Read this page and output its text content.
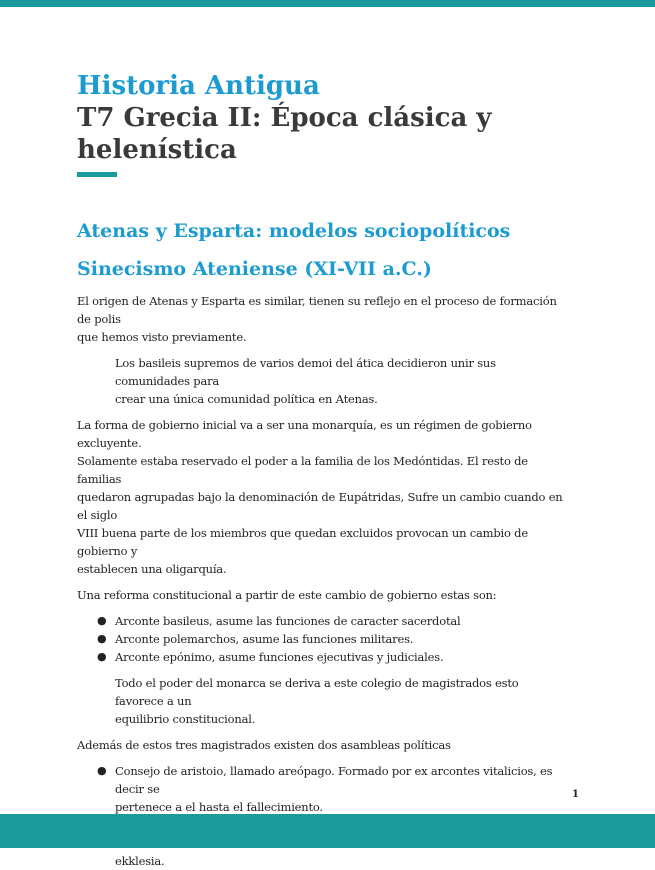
Historia Antigua

T7 Grecia II: Época clásica y

helenística

Atenas y Esparta: modelos sociopolíticos

Sinecismo Ateniense (XI-VII a.C.)

El origen de Atenas y Esparta es similar, tienen su reflejo en el proceso de formación de polis

que hemos visto previamente.

Los basileis supremos de varios demoi del ática decidieron unir sus comunidades para

crear una única comunidad política en Atenas.

La forma de gobierno inicial va a ser una monarquía, es un régimen de gobierno excluyente.

Solamente estaba reservado el poder a la familia de los Medóntidas. El resto de familias

quedaron agrupadas bajo la denominación de Eupátridas, Sufre un cambio cuando en el siglo

VIII buena parte de los miembros que quedan excluidos provocan un cambio de gobierno y

establecen una oligarquía.

Una reforma constitucional a partir de este cambio de gobierno estas son:

● Arconte basileus, asume las funciones de caracter sacerdotal
● Arconte polemarchos, asume las funciones militares.
● Arconte epónimo, asume funciones ejecutivas y judiciales.

Todo el poder del monarca se deriva a este colegio de magistrados esto favorece a un

equilibrio constitucional.

Además de estos tres magistrados existen dos asambleas políticas

● Consejo de aristoio, llamado areópago. Formado por ex arcontes vitalicios, es decir se
pertenece a el hasta el fallecimiento.

ekklesia.
1
